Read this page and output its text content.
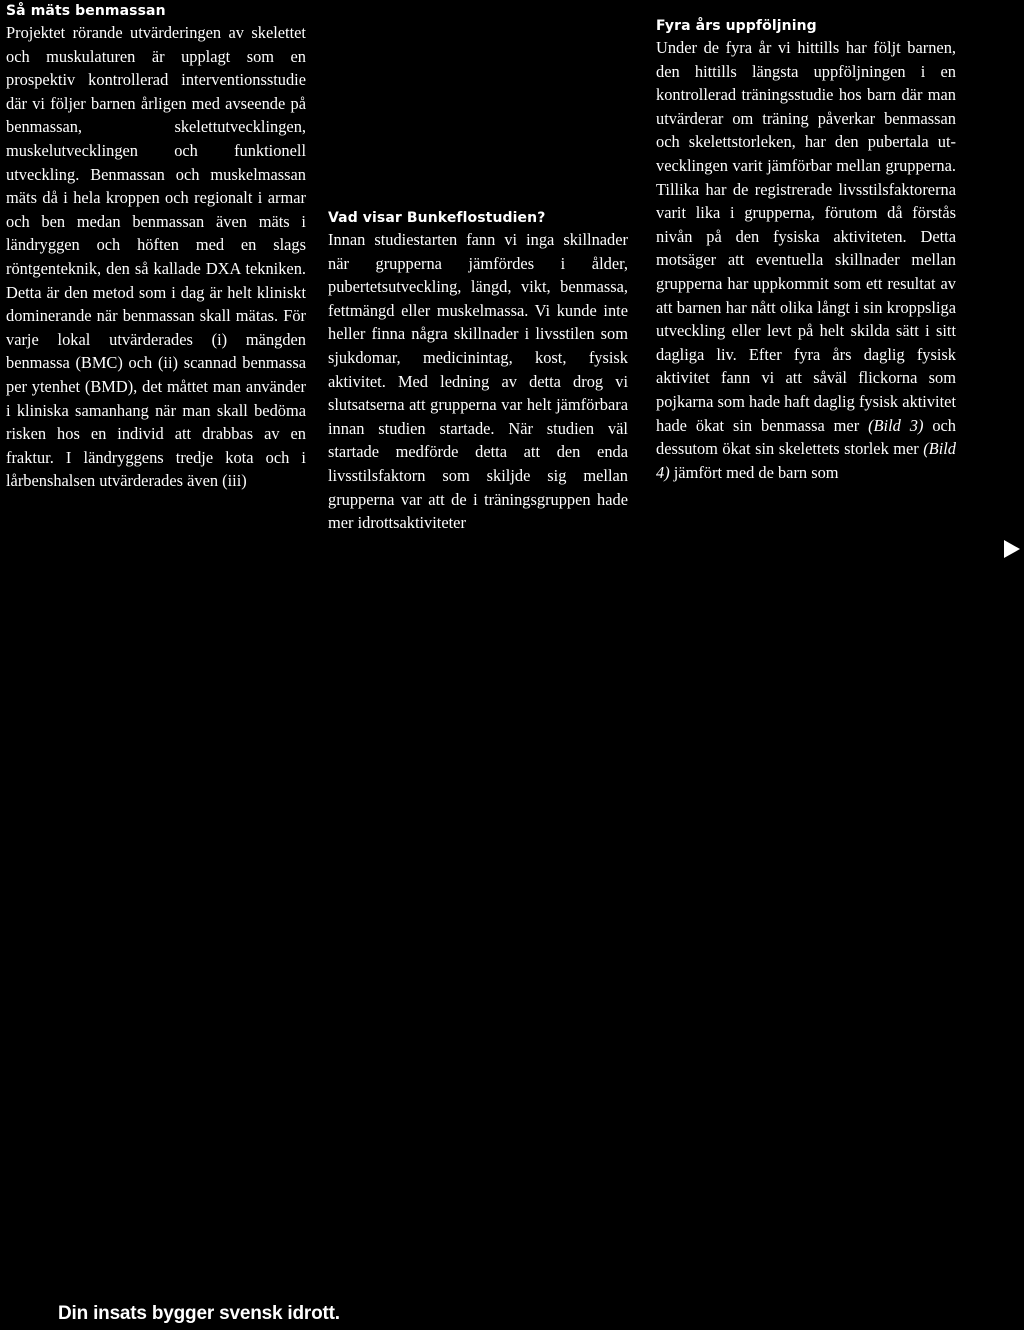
Så mäts benmassan

Projektet rörande utvärderingen av skelettet och muskulaturen är upplagt som en prospektiv kontrollerad interventionsstudie där vi följer barnen årligen med avseende på benmassan, skelettutvecklingen, muskelutvecklingen och funktionell utveckling. Benmassan och muskelmassan mäts då i hela kroppen och regionalt i armar och ben medan benmassan även mäts i ländryggen och höften med en slags röntgenteknik, den så kallade DXA tekniken. Detta är den metod som i dag är helt kliniskt dominerande när benmassan skall mätas. För varje lokal utvärderades (i) mängden benmassa (BMC) och (ii) scannad benmassa per ytenhet (BMD), det måttet man använder i kliniska samanhang när man skall bedöma risken hos en individ att drabbas av en fraktur. I ländryggens tredje kota och i lårbenshalsen utvärderades även (iii)

Vad visar Bunkeflostudien?

Innan studiestarten fann vi inga skillnader när grupperna jämfördes i ålder, pubertetsutveckling, längd, vikt, benmassa, fettmängd eller muskelmassa. Vi kunde inte heller finna några skillnader i livsstilen som sjukdomar, medicinintag, kost, fysisk aktivitet. Med ledning av detta drog vi slutsatserna att grupperna var helt jämförbara innan studien startade. När studien väl startade medförde detta att den enda livsstilsfaktorn som skiljde sig mellan grupperna var att de i träningsgruppen hade mer idrottsaktiviteter

Fyra års uppföljning

Under de fyra år vi hittills har följt barnen, den hittills längsta uppföljningen i en kontrollerad träningsstudie hos barn där man utvärderar om träning påverkar benmassan och skelettstorleken, har den pubertala utvecklingen varit jämförbar mellan grupperna. Tillika har de registrerade livsstilsfaktorerna varit lika i grupperna, förutom då förstås nivån på den fysiska aktiviteten. Detta motsäger att eventuella skillnader mellan grupperna har uppkommit som ett resultat av att barnen har nått olika långt i sin kroppsliga utveckling eller levt på helt skilda sätt i sitt dagliga liv. Efter fyra års daglig fysisk aktivitet fann vi att såväl flickorna som pojkarna som hade haft daglig fysisk aktivitet hade ökat sin benmassa mer (Bild 3) och dessutom ökat sin skelettets storlek mer (Bild 4) jämfört med de barn som

Din insats bygger svensk idrott.
